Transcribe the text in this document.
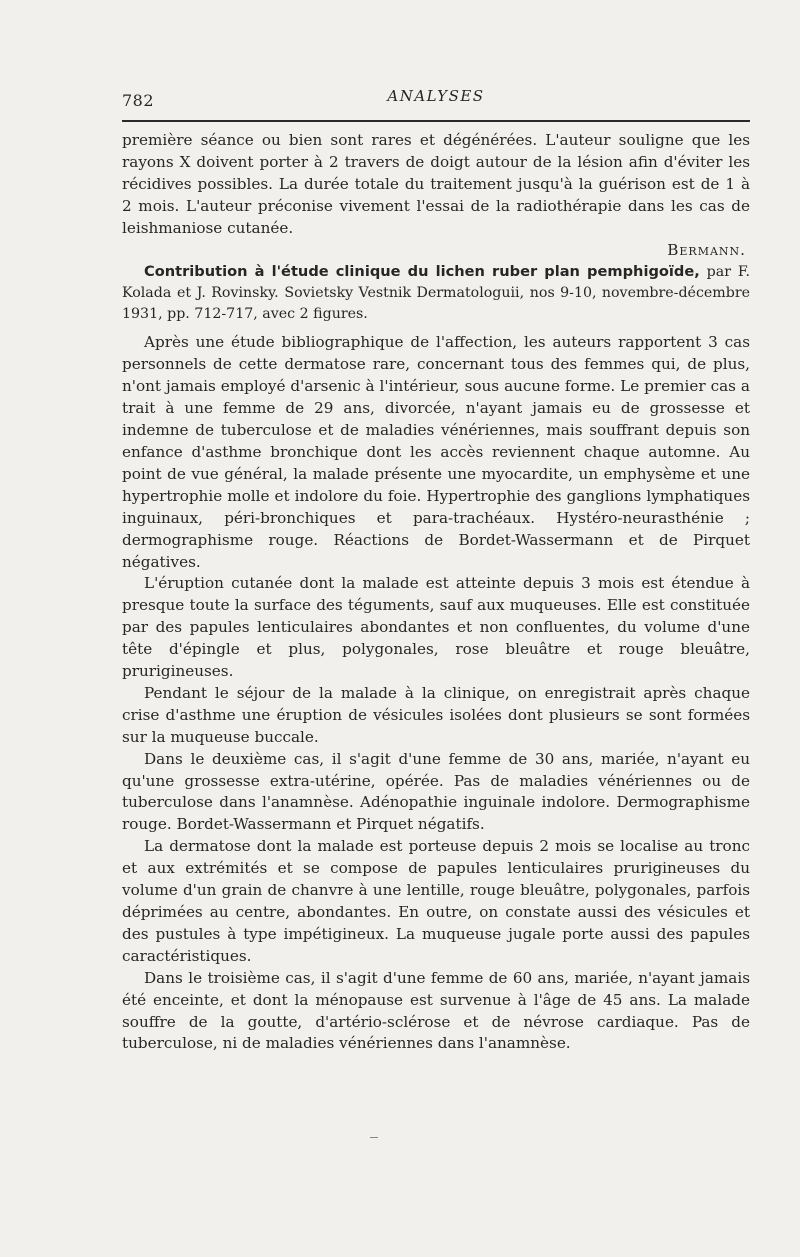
782	ANALYSES

première séance ou bien sont rares et dégénérées. L'auteur souligne que les rayons X doivent porter à 2 travers de doigt autour de la lésion afin d'éviter les récidives possibles. La durée totale du traitement jusqu'à la guérison est de 1 à 2 mois. L'auteur préconise vivement l'essai de la radiothérapie dans les cas de leishmaniose cutanée.

Bermann.

Contribution à l'étude clinique du lichen ruber plan pemphigoïde, par F. Kolada et J. Rovinsky. Sovietsky Vestnik Dermatologuii, nos 9-10, novembre-décembre 1931, pp. 712-717, avec 2 figures.

Après une étude bibliographique de l'affection, les auteurs rapportent 3 cas personnels de cette dermatose rare, concernant tous des femmes qui, de plus, n'ont jamais employé d'arsenic à l'intérieur, sous aucune forme. Le premier cas a trait à une femme de 29 ans, divorcée, n'ayant jamais eu de grossesse et indemne de tuberculose et de maladies vénériennes, mais souffrant depuis son enfance d'asthme bronchique dont les accès reviennent chaque automne. Au point de vue général, la malade présente une myocardite, un emphysème et une hypertrophie molle et indolore du foie. Hypertrophie des ganglions lymphatiques inguinaux, péri-bronchiques et para-trachéaux. Hystéro-neurasthénie ; dermographisme rouge. Réactions de Bordet-Wassermann et de Pirquet négatives.

L'éruption cutanée dont la malade est atteinte depuis 3 mois est étendue à presque toute la surface des téguments, sauf aux muqueuses. Elle est constituée par des papules lenticulaires abondantes et non confluentes, du volume d'une tête d'épingle et plus, polygonales, rose bleuâtre et rouge bleuâtre, prurigineuses.

Pendant le séjour de la malade à la clinique, on enregistrait après chaque crise d'asthme une éruption de vésicules isolées dont plusieurs se sont formées sur la muqueuse buccale.

Dans le deuxième cas, il s'agit d'une femme de 30 ans, mariée, n'ayant eu qu'une grossesse extra-utérine, opérée. Pas de maladies vénériennes ou de tuberculose dans l'anamnèse. Adénopathie inguinale indolore. Dermographisme rouge. Bordet-Wassermann et Pirquet négatifs.

La dermatose dont la malade est porteuse depuis 2 mois se localise au tronc et aux extrémités et se compose de papules lenticulaires prurigineuses du volume d'un grain de chanvre à une lentille, rouge bleuâtre, polygonales, parfois déprimées au centre, abondantes. En outre, on constate aussi des vésicules et des pustules à type impétigineux. La muqueuse jugale porte aussi des papules caractéristiques.

Dans le troisième cas, il s'agit d'une femme de 60 ans, mariée, n'ayant jamais été enceinte, et dont la ménopause est survenue à l'âge de 45 ans. La malade souffre de la goutte, d'artério-sclérose et de névrose cardiaque. Pas de tuberculose, ni de maladies vénériennes dans l'anamnèse.
